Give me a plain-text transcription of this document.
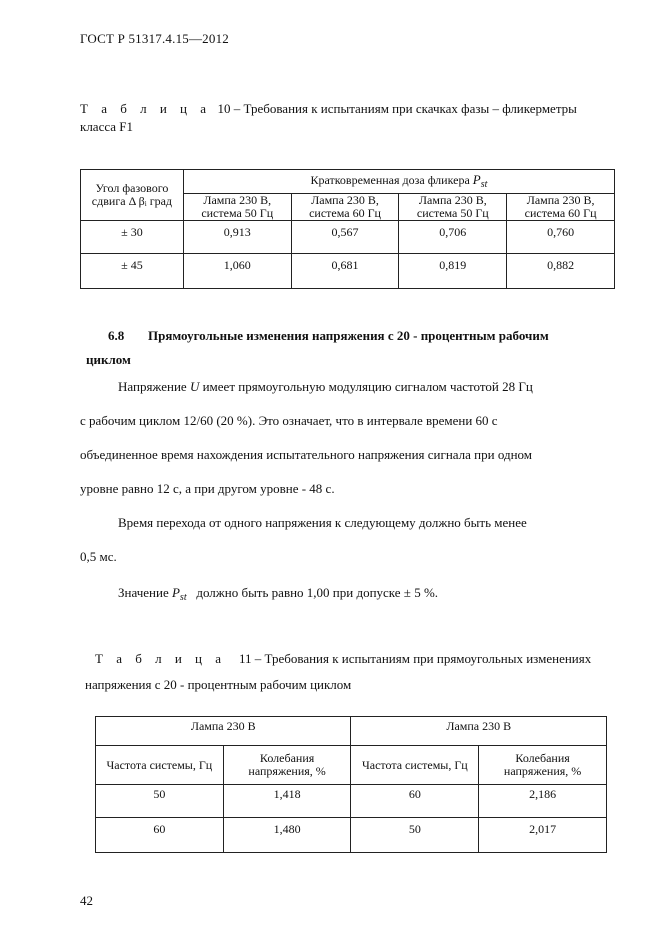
ГОСТ Р 51317.4.15—2012
Т а б л и ц а 10 – Требования к испытаниям при скачках фазы – фликерметры
класса F1
Угол фазового сдвига Δ βᵢ град	Кратковременная доза фликера $P_{st}$
	Лампа 230 В, система 50 Гц	Лампа 230 В, система 60 Гц	Лампа 230 В, система 50 Гц	Лампа 230 В, система 60 Гц
± 30	0,913	0,567	0,706	0,760
± 45	1,060	0,681	0,819	0,882
6.8 Прямоугольные изменения напряжения с 20 - процентным рабочим
циклом
Напряжение U имеет прямоугольную модуляцию сигналом частотой 28 Гц
с рабочим циклом 12/60 (20 %). Это означает, что в интервале времени 60 с
объединенное время нахождения испытательного напряжения сигнала при одном
уровне равно 12 с, а при другом уровне - 48 с.
Время перехода от одного напряжения к следующему должно быть менее
0,5 мс.
Значение $P_{st}$ должно быть равно 1,00 при допуске ± 5 %.
Т а б л и ц а 11 – Требования к испытаниям при прямоугольных изменениях
напряжения с 20 - процентным рабочим циклом
Лампа 230 В		Лампа 230 В	
Частота системы, Гц	Колебания напряжения, %	Частота системы, Гц	Колебания напряжения, %
50	1,418	60	2,186
60	1,480	50	2,017
42
